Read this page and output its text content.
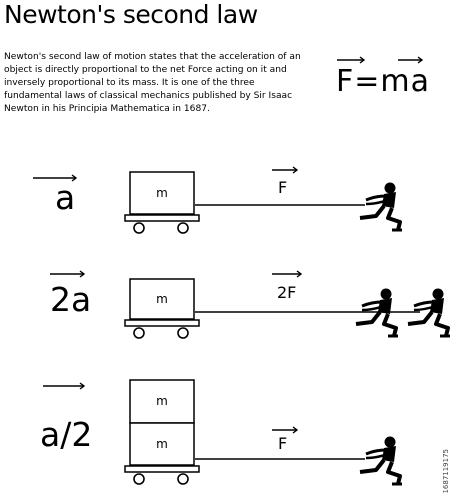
Newton's second law

Newton's second law of motion states that the acceleration of an

object is directly proportional to the net Force acting on it and

inversely proportional to its mass. It is one of the three

fundamental laws of classical mechanics published by Sir Isaac

Newton in his Principia Mathematica in 1687.

F=ma
a	F
m
2a	2F
m
a/2	F
m
m
1687119175
